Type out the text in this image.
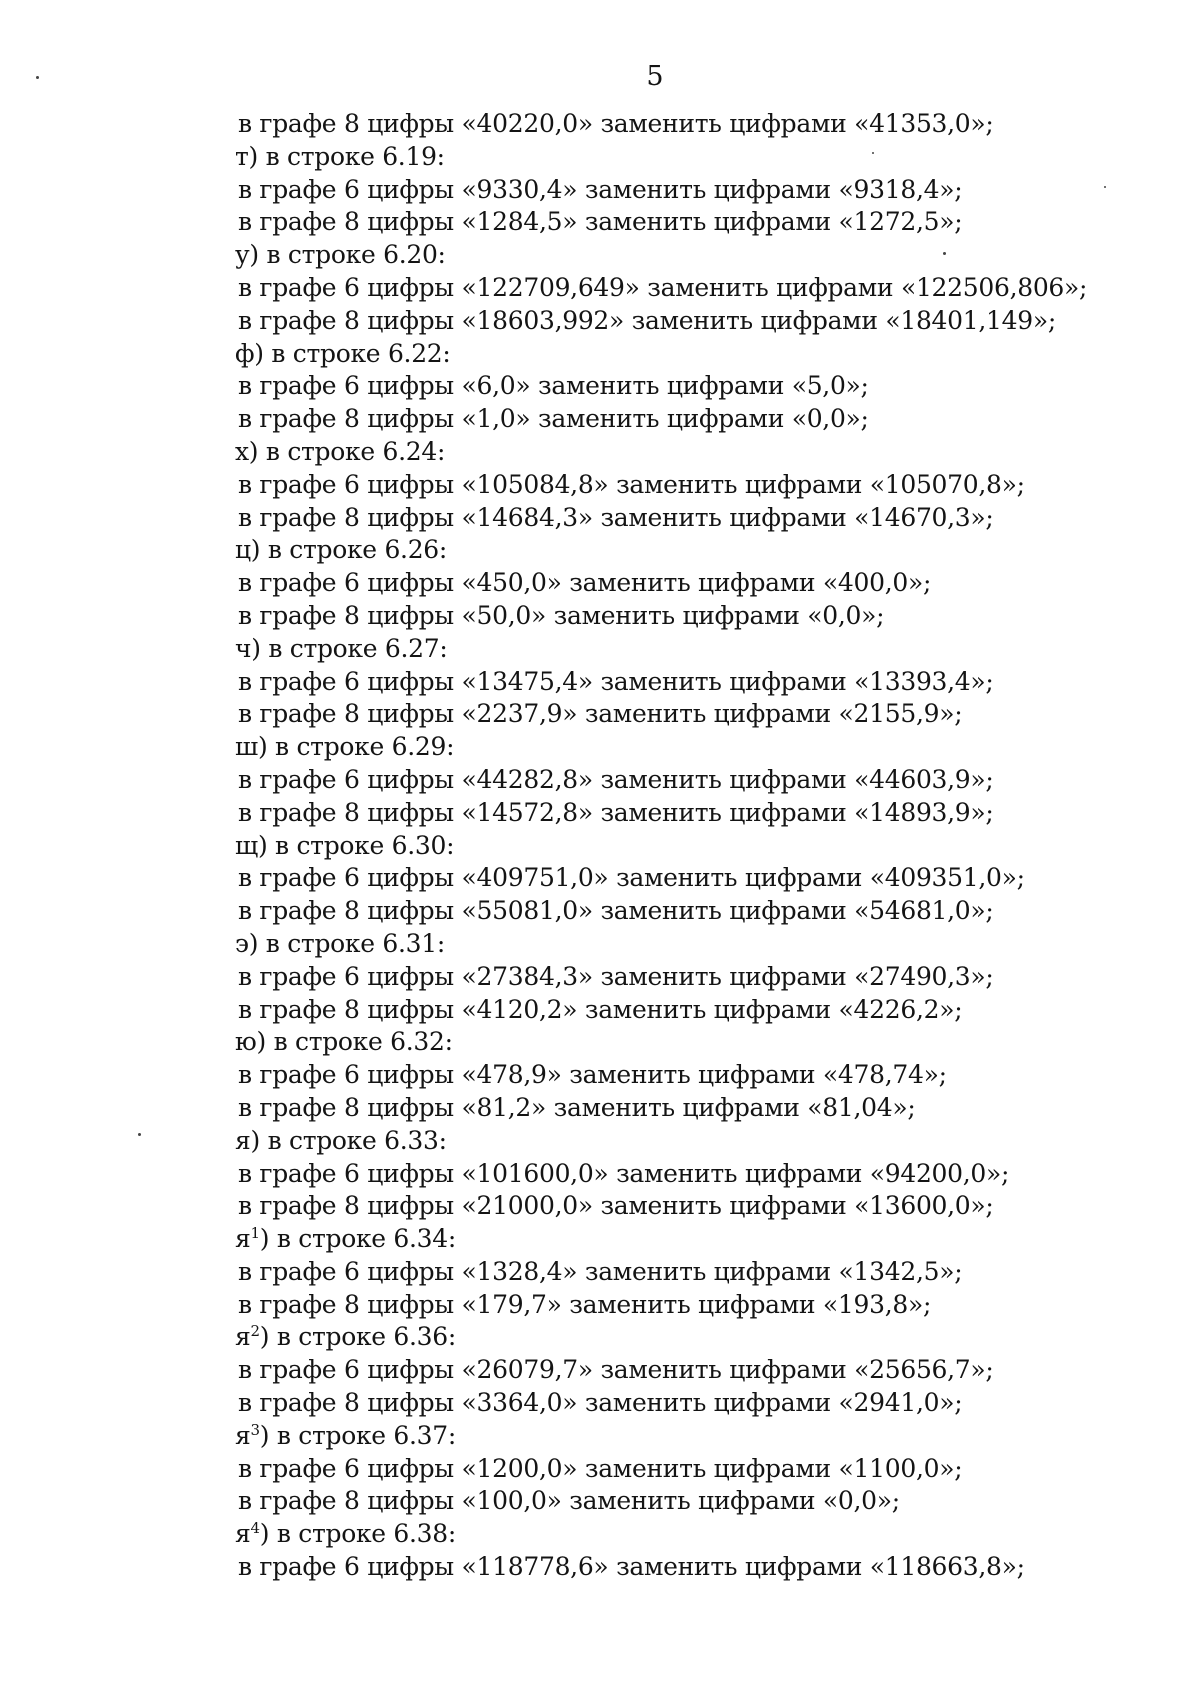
5
в графе 8 цифры «40220,0» заменить цифрами «41353,0»;
т) в строке 6.19:
в графе 6 цифры «9330,4» заменить цифрами «9318,4»;
в графе 8 цифры «1284,5» заменить цифрами «1272,5»;
у) в строке 6.20:
в графе 6 цифры «122709,649» заменить цифрами «122506,806»;
в графе 8 цифры «18603,992» заменить цифрами «18401,149»;
ф) в строке 6.22:
в графе 6 цифры «6,0» заменить цифрами «5,0»;
в графе 8 цифры «1,0» заменить цифрами «0,0»;
х) в строке 6.24:
в графе 6 цифры «105084,8» заменить цифрами «105070,8»;
в графе 8 цифры «14684,3» заменить цифрами «14670,3»;
ц) в строке 6.26:
в графе 6 цифры «450,0» заменить цифрами «400,0»;
в графе 8 цифры «50,0» заменить цифрами «0,0»;
ч) в строке 6.27:
в графе 6 цифры «13475,4» заменить цифрами «13393,4»;
в графе 8 цифры «2237,9» заменить цифрами «2155,9»;
ш) в строке 6.29:
в графе 6 цифры «44282,8» заменить цифрами «44603,9»;
в графе 8 цифры «14572,8» заменить цифрами «14893,9»;
щ) в строке 6.30:
в графе 6 цифры «409751,0» заменить цифрами «409351,0»;
в графе 8 цифры «55081,0» заменить цифрами «54681,0»;
э) в строке 6.31:
в графе 6 цифры «27384,3» заменить цифрами «27490,3»;
в графе 8 цифры «4120,2» заменить цифрами «4226,2»;
ю) в строке 6.32:
в графе 6 цифры «478,9» заменить цифрами «478,74»;
в графе 8 цифры «81,2» заменить цифрами «81,04»;
я) в строке 6.33:
в графе 6 цифры «101600,0» заменить цифрами «94200,0»;
в графе 8 цифры «21000,0» заменить цифрами «13600,0»;
$я^1$) в строке 6.34:
в графе 6 цифры «1328,4» заменить цифрами «1342,5»;
в графе 8 цифры «179,7» заменить цифрами «193,8»;
$я^2$) в строке 6.36:
в графе 6 цифры «26079,7» заменить цифрами «25656,7»;
в графе 8 цифры «3364,0» заменить цифрами «2941,0»;
$я^3$) в строке 6.37:
в графе 6 цифры «1200,0» заменить цифрами «1100,0»;
в графе 8 цифры «100,0» заменить цифрами «0,0»;
$я^4$) в строке 6.38:
в графе 6 цифры «118778,6» заменить цифрами «118663,8»;
